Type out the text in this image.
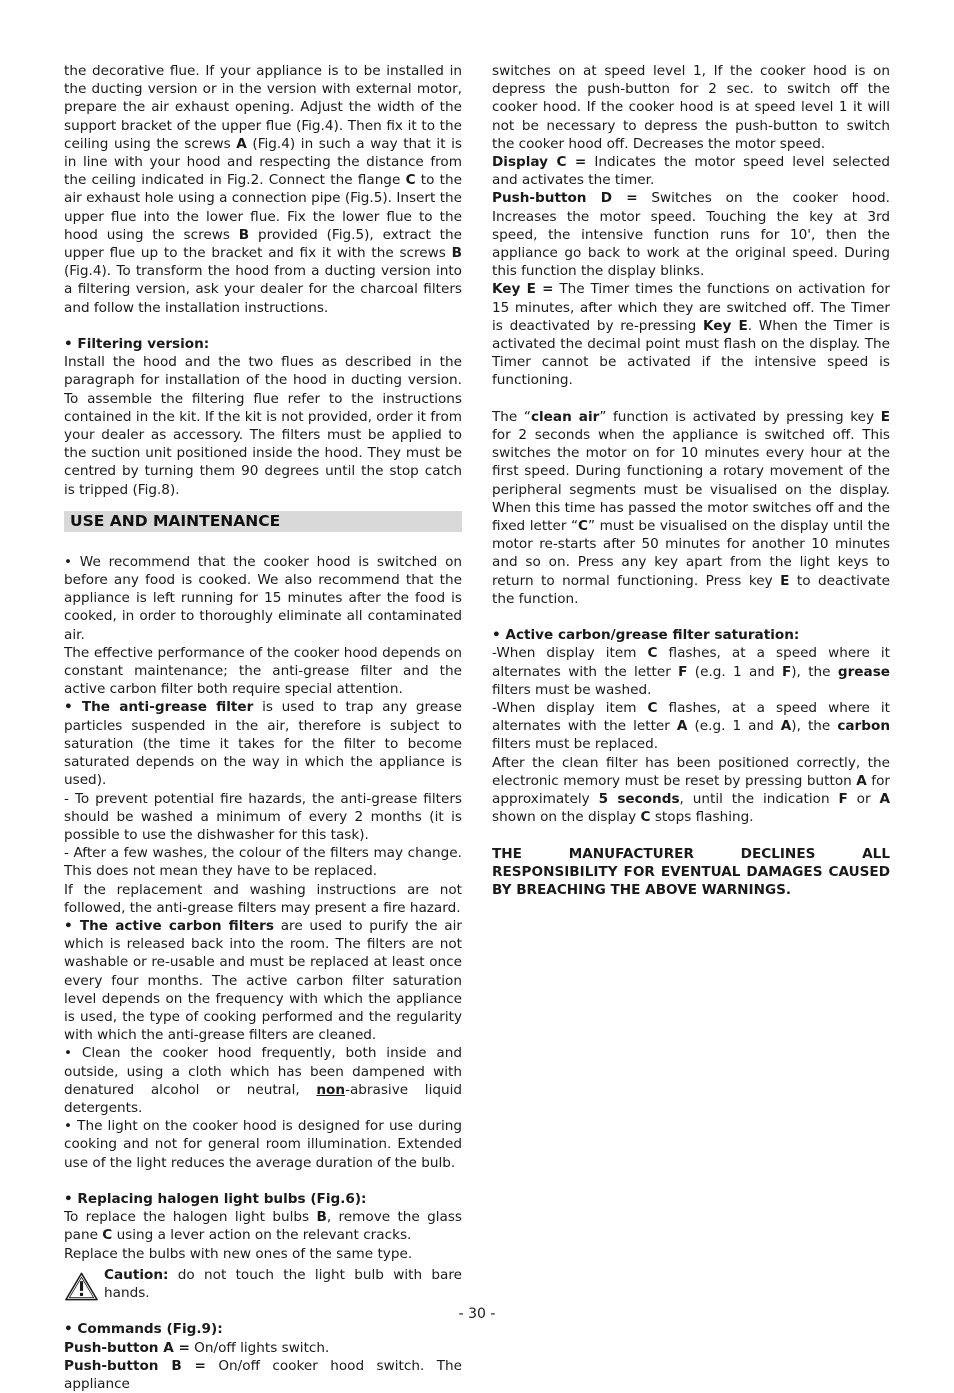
the decorative flue. If your appliance is to be installed in the ducting version or in the version with external motor, prepare the air exhaust opening. Adjust the width of the support bracket of the upper flue (Fig.4). Then fix it to the ceiling using the screws A (Fig.4) in such a way that it is in line with your hood and respecting the distance from the ceiling indicated in Fig.2. Connect the flange C to the air exhaust hole using a connection pipe (Fig.5). Insert the upper flue into the lower flue. Fix the lower flue to the hood using the screws B provided (Fig.5), extract the upper flue up to the bracket and fix it with the screws B (Fig.4). To transform the hood from a ducting version into a filtering version, ask your dealer for the charcoal filters and follow the installation instructions.

• Filtering version:

Install the hood and the two flues as described in the paragraph for installation of the hood in ducting version. To assemble the filtering flue refer to the instructions contained in the kit. If the kit is not provided, order it from your dealer as accessory. The filters must be applied to the suction unit positioned inside the hood. They must be centred by turning them 90 degrees until the stop catch is tripped (Fig.8).

USE AND MAINTENANCE

• We recommend that the cooker hood is switched on before any food is cooked. We also recommend that the appliance is left running for 15 minutes after the food is cooked, in order to thoroughly eliminate all contaminated air.

The effective performance of the cooker hood depends on constant maintenance; the anti-grease filter and the active carbon filter both require special attention.

• The anti-grease filter is used to trap any grease particles suspended in the air, therefore is subject to saturation (the time it takes for the filter to become saturated depends on the way in which the appliance is used).

- To prevent potential fire hazards, the anti-grease filters should be washed a minimum of every 2 months (it is possible to use the dishwasher for this task).

- After a few washes, the colour of the filters may change. This does not mean they have to be replaced.

If the replacement and washing instructions are not followed, the anti-grease filters may present a fire hazard.

• The active carbon filters are used to purify the air which is released back into the room. The filters are not washable or re-usable and must be replaced at least once every four months. The active carbon filter saturation level depends on the frequency with which the appliance is used, the type of cooking performed and the regularity with which the anti-grease filters are cleaned.

• Clean the cooker hood frequently, both inside and outside, using a cloth which has been dampened with denatured alcohol or neutral, non-abrasive liquid detergents.

• The light on the cooker hood is designed for use during cooking and not for general room illumination. Extended use of the light reduces the average duration of the bulb.

• Replacing halogen light bulbs (Fig.6):

To replace the halogen light bulbs B, remove the glass pane C using a lever action on the relevant cracks.

Replace the bulbs with new ones of the same type.

Caution: do not touch the light bulb with bare hands.

• Commands (Fig.9):

Push-button A = On/off lights switch.

Push-button B = On/off cooker hood switch. The appliance

switches on at speed level 1, If the cooker hood is on depress the push-button for 2 sec. to switch off the cooker hood. If the cooker hood is at speed level 1 it will not be necessary to depress the push-button to switch the cooker hood off. Decreases the motor speed.

Display C = Indicates the motor speed level selected and activates the timer.

Push-button D = Switches on the cooker hood. Increases the motor speed. Touching the key at 3rd speed, the intensive function runs for 10', then the appliance go back to work at the original speed. During this function the display blinks.

Key E = The Timer times the functions on activation for 15 minutes, after which they are switched off. The Timer is deactivated by re-pressing Key E. When the Timer is activated the decimal point must flash on the display. The Timer cannot be activated if the intensive speed is functioning.

The “clean air” function is activated by pressing key E for 2 seconds when the appliance is switched off. This switches the motor on for 10 minutes every hour at the first speed. During functioning a rotary movement of the peripheral segments must be visualised on the display. When this time has passed the motor switches off and the fixed letter “C” must be visualised on the display until the motor re-starts after 50 minutes for another 10 minutes and so on. Press any key apart from the light keys to return to normal functioning. Press key E to deactivate the function.

• Active carbon/grease filter saturation:

-When display item C flashes, at a speed where it alternates with the letter F (e.g. 1 and F), the grease filters must be washed.

-When display item C flashes, at a speed where it alternates with the letter A (e.g. 1 and A), the carbon filters must be replaced.

After the clean filter has been positioned correctly, the electronic memory must be reset by pressing button A for approximately 5 seconds, until the indication F or A shown on the display C stops flashing.

THE MANUFACTURER DECLINES ALL RESPONSIBILITY FOR EVENTUAL DAMAGES CAUSED BY BREACHING THE ABOVE WARNINGS.

- 30 -
